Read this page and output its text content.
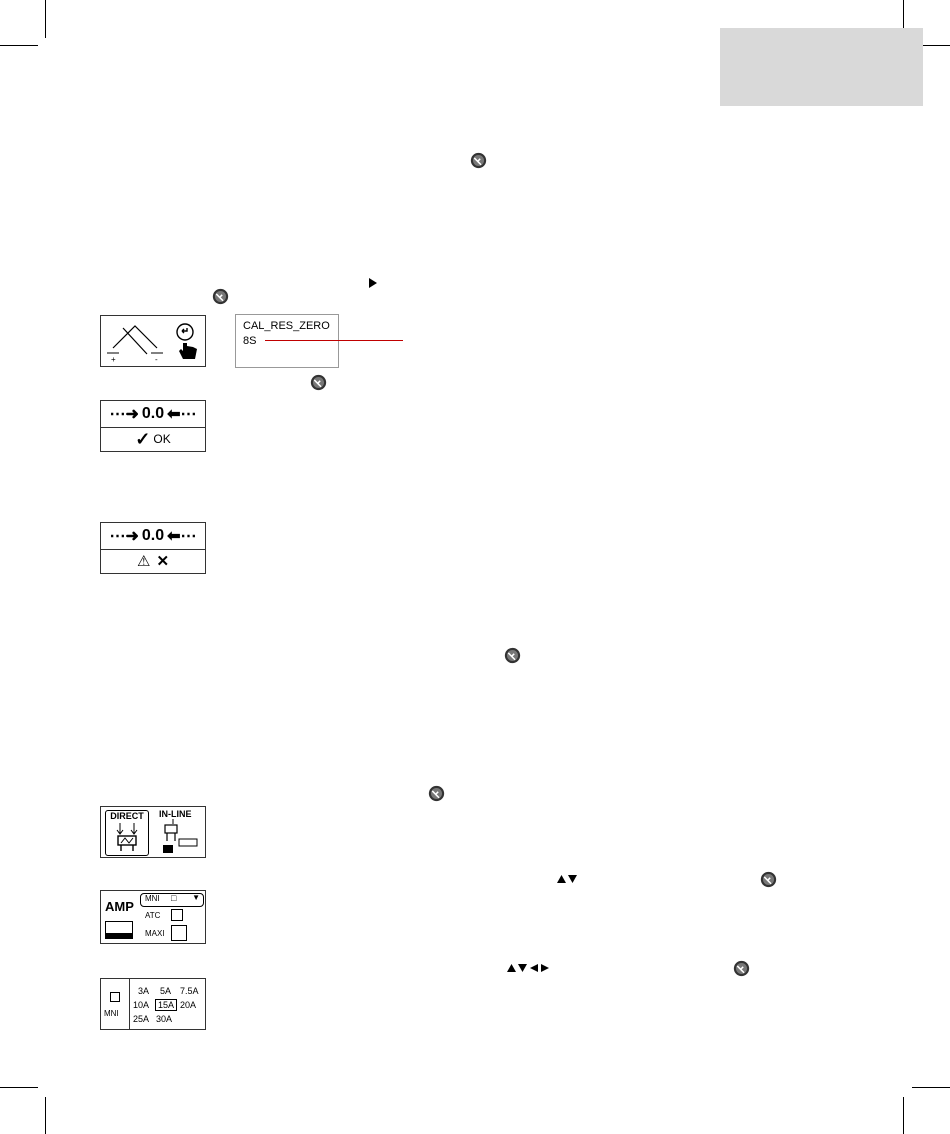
+	-
CAL_RES_ZERO
8S
⋯➜ 0.0 ⬅⋯
✓ OK
⋯➜ 0.0 ⬅⋯
⚠ ✕
DIRECT	IN-LINE
AMP
MNI □ ▼
ATC
MAXI
MNI
3A 5A 7.5A
10A 15A 20A
25A 30A
